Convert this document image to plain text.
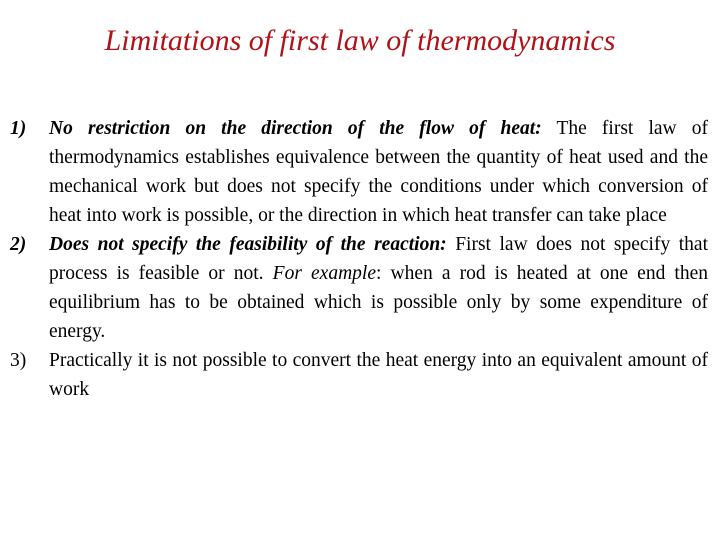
Limitations of first law of thermodynamics
1) No restriction on the direction of the flow of heat: The first law of thermodynamics establishes equivalence between the quantity of heat used and the mechanical work but does not specify the conditions under which conversion of heat into work is possible, or the direction in which heat transfer can take place
2) Does not specify the feasibility of the reaction: First law does not specify that process is feasible or not. For example: when a rod is heated at one end then equilibrium has to be obtained which is possible only by some expenditure of energy.
3) Practically it is not possible to convert the heat energy into an equivalent amount of work
